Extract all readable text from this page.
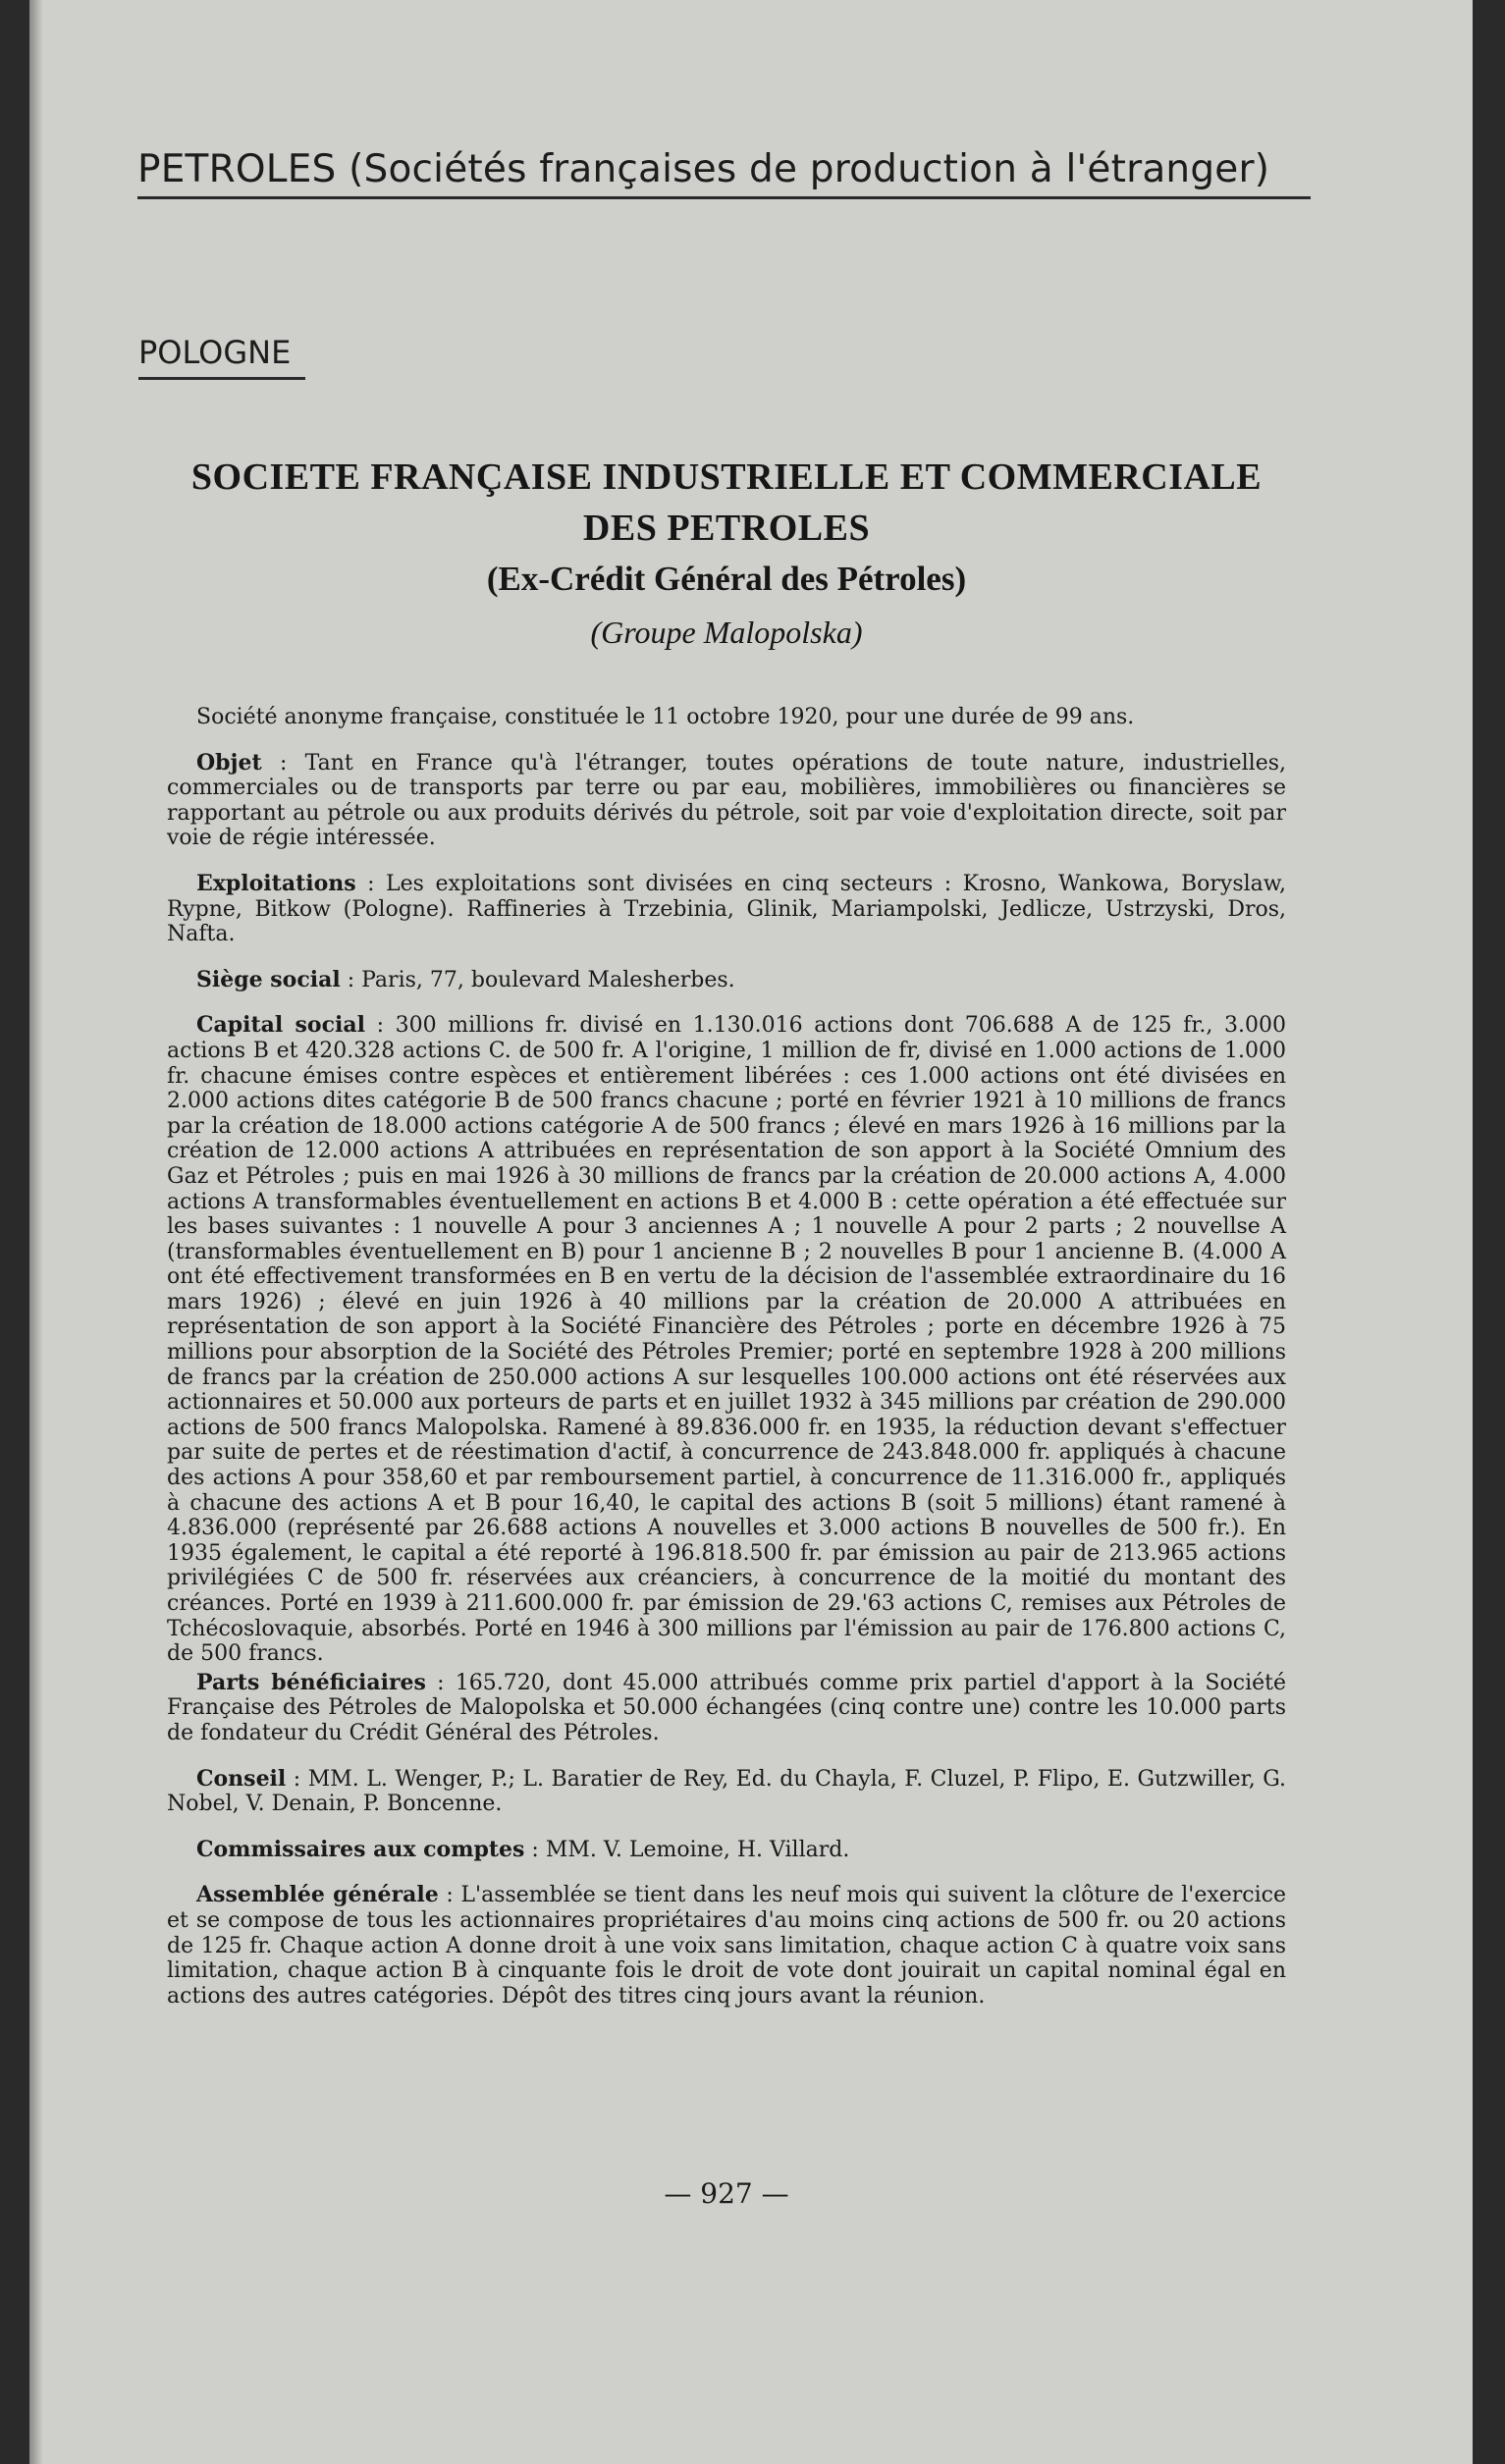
PETROLES (Sociétés françaises de production à l'étranger)
POLOGNE
SOCIETE FRANÇAISE INDUSTRIELLE ET COMMERCIALE
DES PETROLES
(Ex-Crédit Général des Pétroles)
(Groupe Malopolska)

Société anonyme française, constituée le 11 octobre 1920, pour une durée de 99 ans.

Objet : Tant en France qu'à l'étranger, toutes opérations de toute nature, industrielles, commerciales ou de transports par terre ou par eau, mobilières, immobilières ou financières se rapportant au pétrole ou aux produits dérivés du pétrole, soit par voie d'exploitation directe, soit par voie de régie intéressée.

Exploitations : Les exploitations sont divisées en cinq secteurs : Krosno, Wankowa, Boryslaw, Rypne, Bitkow (Pologne). Raffineries à Trzebinia, Glinik, Mariampolski, Jedlicze, Ustrzyski, Dros, Nafta.

Siège social : Paris, 77, boulevard Malesherbes.

Capital social : 300 millions fr. divisé en 1.130.016 actions dont 706.688 A de 125 fr., 3.000 actions B et 420.328 actions C. de 500 fr. A l'origine, 1 million de fr, divisé en 1.000 actions de 1.000 fr. chacune émises contre espèces et entièrement libérées : ces 1.000 actions ont été divisées en 2.000 actions dites catégorie B de 500 francs chacune ; porté en février 1921 à 10 millions de francs par la création de 18.000 actions catégorie A de 500 francs ; élevé en mars 1926 à 16 millions par la création de 12.000 actions A attribuées en représentation de son apport à la Société Omnium des Gaz et Pétroles ; puis en mai 1926 à 30 millions de francs par la création de 20.000 actions A, 4.000 actions A transformables éventuellement en actions B et 4.000 B : cette opération a été effectuée sur les bases suivantes : 1 nouvelle A pour 3 anciennes A ; 1 nouvelle A pour 2 parts ; 2 nouvellse A (transformables éventuellement en B) pour 1 ancienne B ; 2 nouvelles B pour 1 ancienne B. (4.000 A ont été effectivement transformées en B en vertu de la décision de l'assemblée extraordinaire du 16 mars 1926) ; élevé en juin 1926 à 40 millions par la création de 20.000 A attribuées en représentation de son apport à la Société Financière des Pétroles ; porte en décembre 1926 à 75 millions pour absorption de la Société des Pétroles Premier; porté en septembre 1928 à 200 millions de francs par la création de 250.000 actions A sur lesquelles 100.000 actions ont été réservées aux actionnaires et 50.000 aux porteurs de parts et en juillet 1932 à 345 millions par création de 290.000 actions de 500 francs Malopolska. Ramené à 89.836.000 fr. en 1935, la réduction devant s'effectuer par suite de pertes et de réestimation d'actif, à concurrence de 243.848.000 fr. appliqués à chacune des actions A pour 358,60 et par remboursement partiel, à concurrence de 11.316.000 fr., appliqués à chacune des actions A et B pour 16,40, le capital des actions B (soit 5 millions) étant ramené à 4.836.000 (représenté par 26.688 actions A nouvelles et 3.000 actions B nouvelles de 500 fr.). En 1935 également, le capital a été reporté à 196.818.500 fr. par émission au pair de 213.965 actions privilégiées C de 500 fr. réservées aux créanciers, à concurrence de la moitié du montant des créances. Porté en 1939 à 211.600.000 fr. par émission de 29.'63 actions C, remises aux Pétroles de Tchécoslovaquie, absorbés. Porté en 1946 à 300 millions par l'émission au pair de 176.800 actions C, de 500 francs.

Parts bénéficiaires : 165.720, dont 45.000 attribués comme prix partiel d'apport à la Société Française des Pétroles de Malopolska et 50.000 échangées (cinq contre une) contre les 10.000 parts de fondateur du Crédit Général des Pétroles.

Conseil : MM. L. Wenger, P.; L. Baratier de Rey, Ed. du Chayla, F. Cluzel, P. Flipo, E. Gutzwiller, G. Nobel, V. Denain, P. Boncenne.

Commissaires aux comptes : MM. V. Lemoine, H. Villard.

Assemblée générale : L'assemblée se tient dans les neuf mois qui suivent la clôture de l'exercice et se compose de tous les actionnaires propriétaires d'au moins cinq actions de 500 fr. ou 20 actions de 125 fr. Chaque action A donne droit à une voix sans limitation, chaque action C à quatre voix sans limitation, chaque action B à cinquante fois le droit de vote dont jouirait un capital nominal égal en actions des autres catégories. Dépôt des titres cinq jours avant la réunion.

— 927 —
